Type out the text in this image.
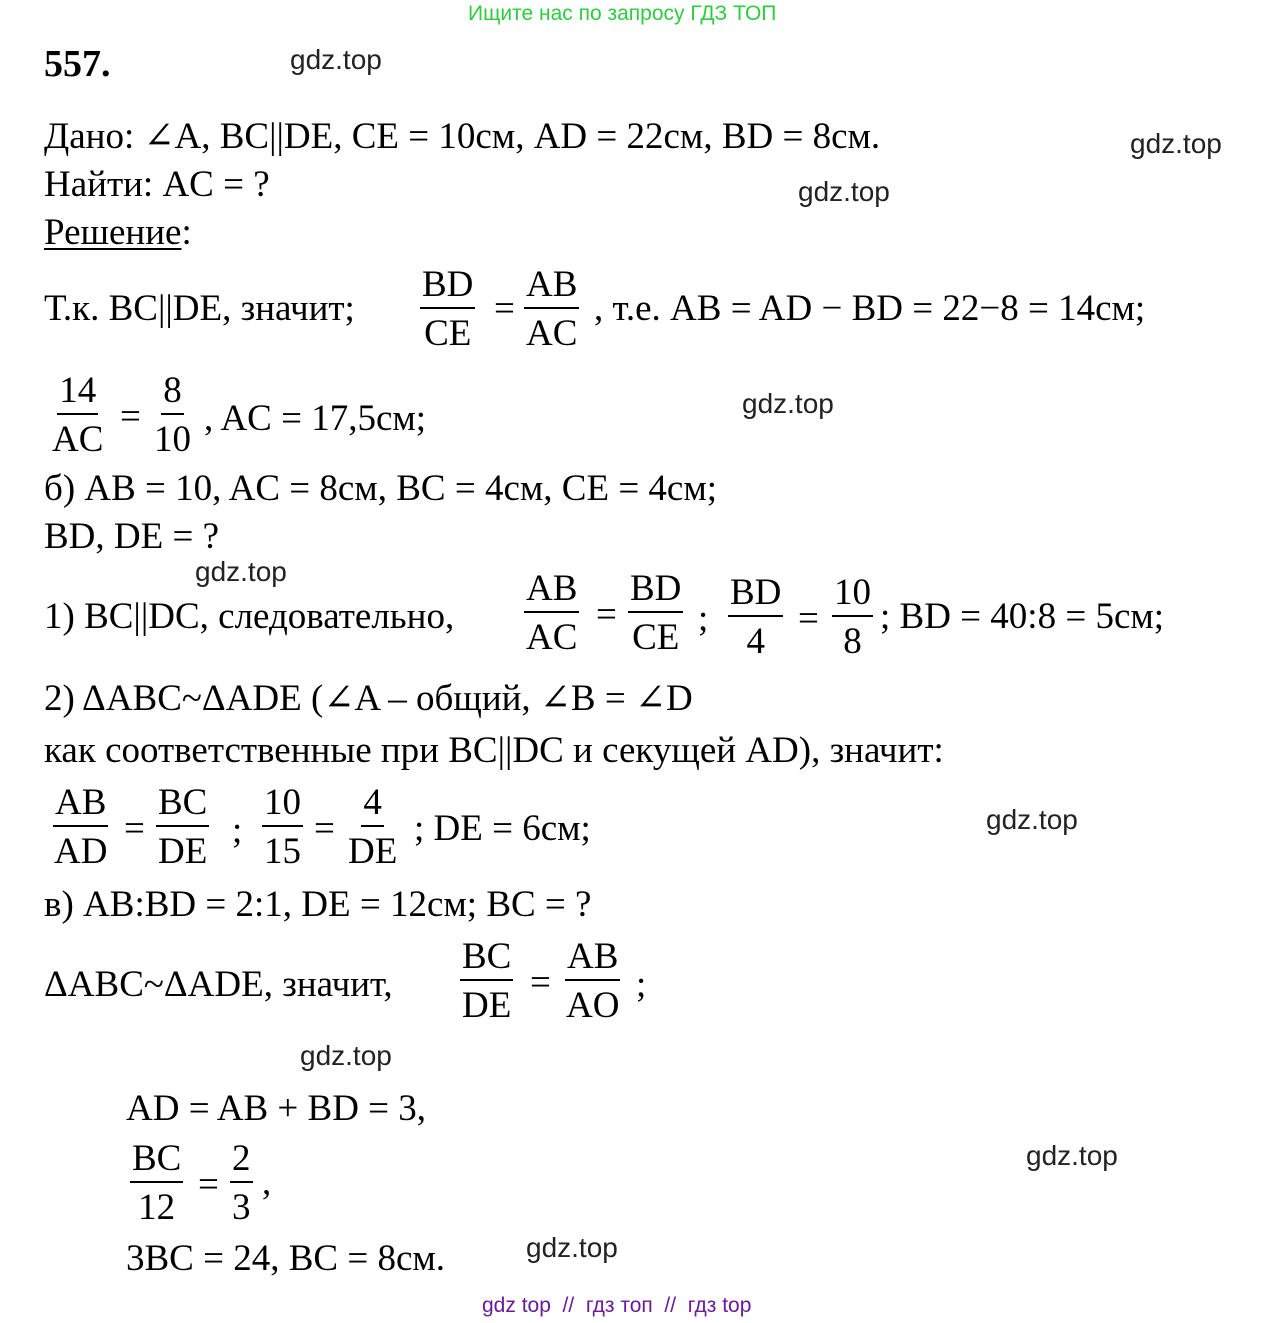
Ищите нас по запросу ГДЗ ТОП
557.	gdz.top
gdz.top
gdz.top
gdz.top
gdz.top
gdz.top
gdz.top
gdz.top
gdz.top
Дано: ∠A, BC||DE, CE = 10см, AD = 22см, BD = 8см.
Найти: AC = ?
Решение:
Т.к. BC||DE, значит; $\frac{BD}{CE} = \frac{AB}{AC}$ , т.е. AB = AD − BD = 22−8 = 14см;
$\frac{14}{AC} = \frac{8}{10}$ , AC = 17,5см;
б) AB = 10, AC = 8см, BC = 4см, CE = 4см;
BD, DE = ?
1) BC||DC, следовательно, $\frac{AB}{AC} = \frac{BD}{CE}$ ; $\frac{BD}{4} = \frac{10}{8}$ ; BD = 40:8 = 5см;
2) ΔABC~ΔADE (∠A – общий, ∠B = ∠D
как соответственные при BC||DC и секущей AD), значит:
$\frac{AB}{AD} = \frac{BC}{DE}$ ; $\frac{10}{15} = \frac{4}{DE}$ ; DE = 6см;
в) AB:BD = 2:1, DE = 12см; BC = ?
ΔABC~ΔADE, значит, $\frac{BC}{DE} = \frac{AB}{AO}$ ;
AD = AB + BD = 3,
$\frac{BC}{12} = \frac{2}{3}$ ,
3BC = 24, BC = 8см.
gdz top  //  гдз топ  //  гдз top
